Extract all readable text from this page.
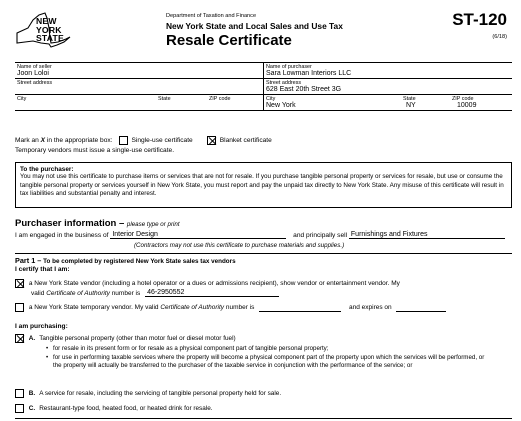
NEW
YORK
STATE
Department of Taxation and Finance
New York State and Local Sales and Use Tax
Resale Certificate
ST-120
(6/18)
Name of seller
Joon Loloi
Name of purchaser
Sara Lowman Interiors LLC
Street address	Street address
628 East 20th Street 3G
City	State	ZIP code	City
New York
State
NY
ZIP code
10009
Mark an X in the appropriate box:	Single-use certificate	Blanket certificate
Temporary vendors must issue a single-use certificate.
To the purchaser:
You may not use this certificate to purchase items or services that are not for resale. If you purchase tangible personal property or services for resale, but use or consume the tangible personal property or services yourself in New York State, you must report and pay the unpaid tax directly to New York State. Any misuse of this certificate will result in tax liabilities and substantial penalty and interest.
Purchaser information – please type or print
I am engaged in the business of Interior Design	and principally sell Furnishings and Fixtures
(Contractors may not use this certificate to purchase materials and supplies.)
Part 1 – To be completed by registered New York State sales tax vendors
I certify that I am:
a New York State vendor (including a hotel operator or a dues or admissions recipient), show vendor or entertainment vendor. My
valid Certificate of Authority number is 46-2950552
a New York State temporary vendor. My valid Certificate of Authority number is	and expires on
I am purchasing:
A. Tangible personal property (other than motor fuel or diesel motor fuel)
• for resale in its present form or for resale as a physical component part of tangible personal property;
• for use in performing taxable services where the property will become a physical component part of the property upon which the services will be performed, or the property will actually be transferred to the purchaser of the taxable service in conjunction with the performance of the service; or
B. A service for resale, including the servicing of tangible personal property held for sale.
C. Restaurant-type food, heated food, or heated drink for resale.
